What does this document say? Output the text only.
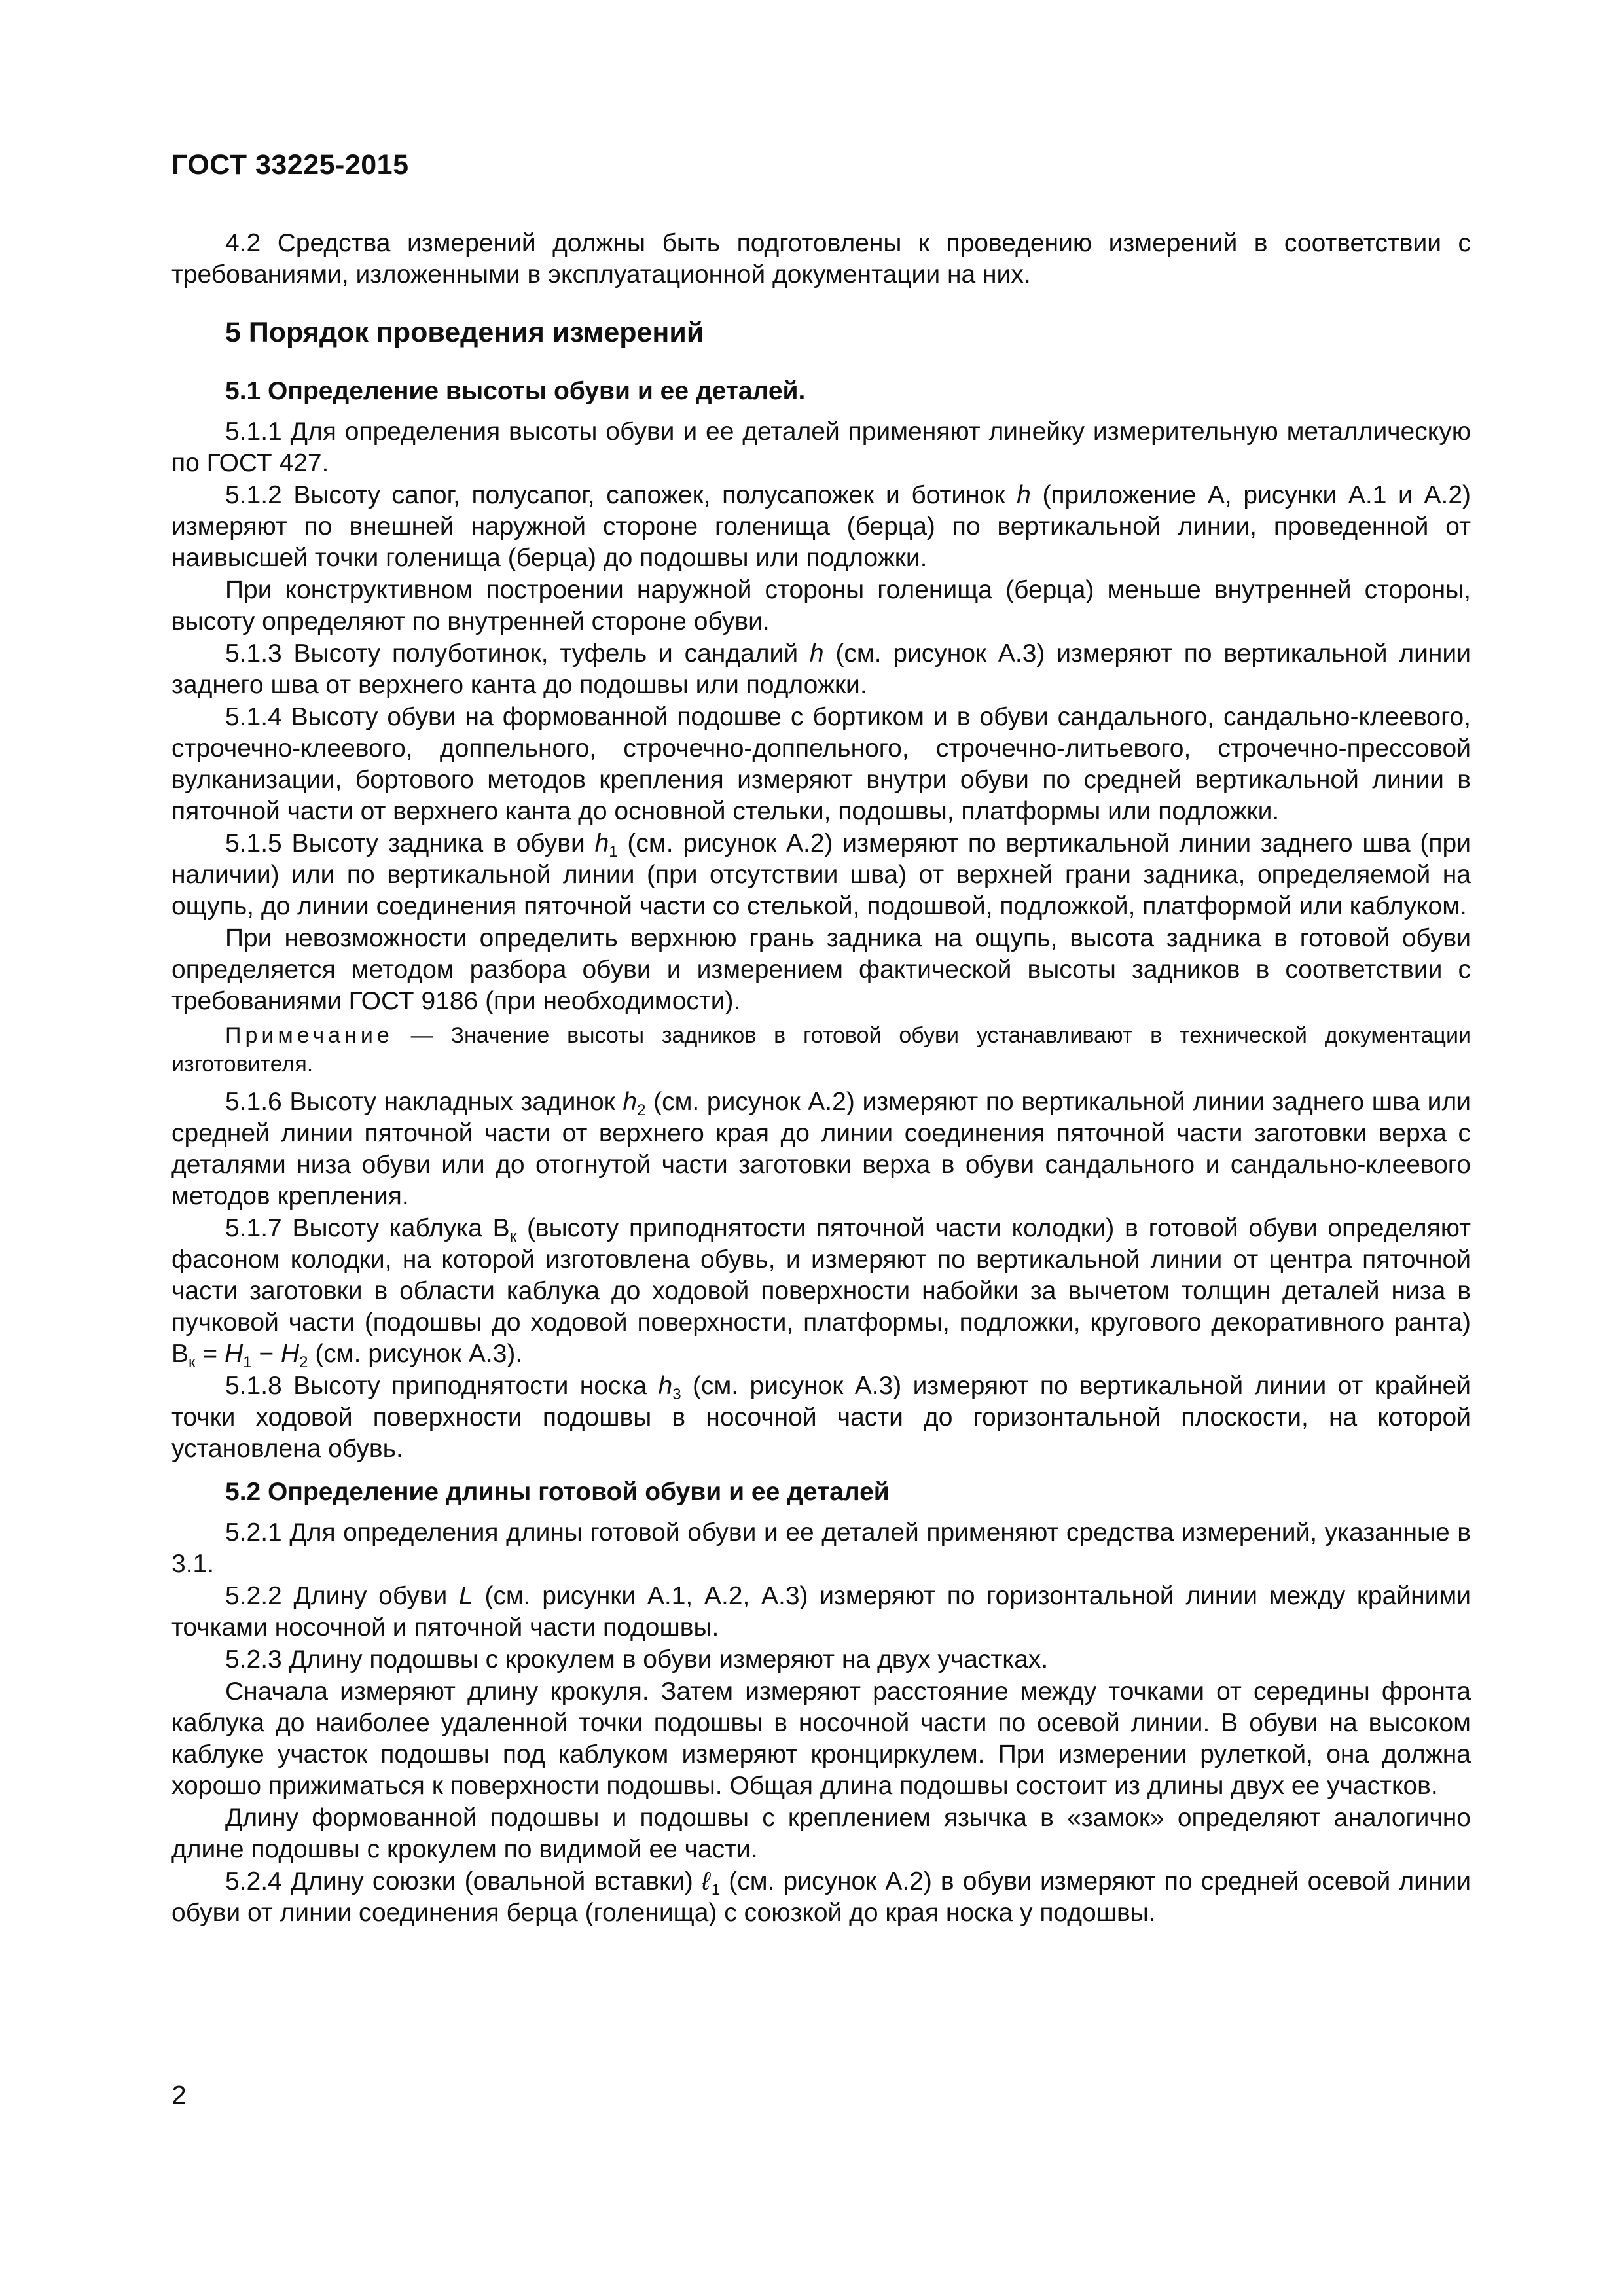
ГОСТ 33225-2015
4.2 Средства измерений должны быть подготовлены к проведению измерений в соответствии с требованиями, изложенными в эксплуатационной документации на них.
5 Порядок проведения измерений
5.1 Определение высоты обуви и ее деталей.
5.1.1 Для определения высоты обуви и ее деталей применяют линейку измерительную металлическую по ГОСТ 427.
5.1.2 Высоту сапог, полусапог, сапожек, полусапожек и ботинок h (приложение А, рисунки А.1 и А.2) измеряют по внешней наружной стороне голенища (берца) по вертикальной линии, проведенной от наивысшей точки голенища (берца) до подошвы или подложки.
При конструктивном построении наружной стороны голенища (берца) меньше внутренней стороны, высоту определяют по внутренней стороне обуви.
5.1.3 Высоту полуботинок, туфель и сандалий h (см. рисунок А.3) измеряют по вертикальной линии заднего шва от верхнего канта до подошвы или подложки.
5.1.4 Высоту обуви на формованной подошве с бортиком и в обуви сандального, сандально-клеевого, строчечно-клеевого, доппельного, строчечно-доппельного, строчечно-литьевого, строчечно-прессовой вулканизации, бортового методов крепления измеряют внутри обуви по средней вертикальной линии в пяточной части от верхнего канта до основной стельки, подошвы, платформы или подложки.
5.1.5 Высоту задника в обуви $h_1$ (см. рисунок А.2) измеряют по вертикальной линии заднего шва (при наличии) или по вертикальной линии (при отсутствии шва) от верхней грани задника, определяемой на ощупь, до линии соединения пяточной части со стелькой, подошвой, подложкой, платформой или каблуком.
При невозможности определить верхнюю грань задника на ощупь, высота задника в готовой обуви определяется методом разбора обуви и измерением фактической высоты задников в соответствии с требованиями ГОСТ 9186 (при необходимости).
Примечание — Значение высоты задников в готовой обуви устанавливают в технической документации изготовителя.
5.1.6 Высоту накладных задинок $h_2$ (см. рисунок А.2) измеряют по вертикальной линии заднего шва или средней линии пяточной части от верхнего края до линии соединения пяточной части заготовки верха с деталями низа обуви или до отогнутой части заготовки верха в обуви сандального и сандально-клеевого методов крепления.
5.1.7 Высоту каблука $В_к$ (высоту приподнятости пяточной части колодки) в готовой обуви определяют фасоном колодки, на которой изготовлена обувь, и измеряют по вертикальной линии от центра пяточной части заготовки в области каблука до ходовой поверхности набойки за вычетом толщин деталей низа в пучковой части (подошвы до ходовой поверхности, платформы, подложки, кругового декоративного ранта) $В_к = H_1 - H_2$ (см. рисунок А.3).
5.1.8 Высоту приподнятости носка $h_3$ (см. рисунок А.3) измеряют по вертикальной линии от крайней точки ходовой поверхности подошвы в носочной части до горизонтальной плоскости, на которой установлена обувь.
5.2 Определение длины готовой обуви и ее деталей
5.2.1 Для определения длины готовой обуви и ее деталей применяют средства измерений, указанные в 3.1.
5.2.2 Длину обуви L (см. рисунки А.1, А.2, А.3) измеряют по горизонтальной линии между крайними точками носочной и пяточной части подошвы.
5.2.3 Длину подошвы с крокулем в обуви измеряют на двух участках.
Сначала измеряют длину крокуля. Затем измеряют расстояние между точками от середины фронта каблука до наиболее удаленной точки подошвы в носочной части по осевой линии. В обуви на высоком каблуке участок подошвы под каблуком измеряют кронциркулем. При измерении рулеткой, она должна хорошо прижиматься к поверхности подошвы. Общая длина подошвы состоит из длины двух ее участков.
Длину формованной подошвы и подошвы с креплением язычка в «замок» определяют аналогично длине подошвы с крокулем по видимой ее части.
5.2.4 Длину союзки (овальной вставки) ℓ$_1$ (см. рисунок А.2) в обуви измеряют по средней осевой линии обуви от линии соединения берца (голенища) с союзкой до края носка у подошвы.
2
